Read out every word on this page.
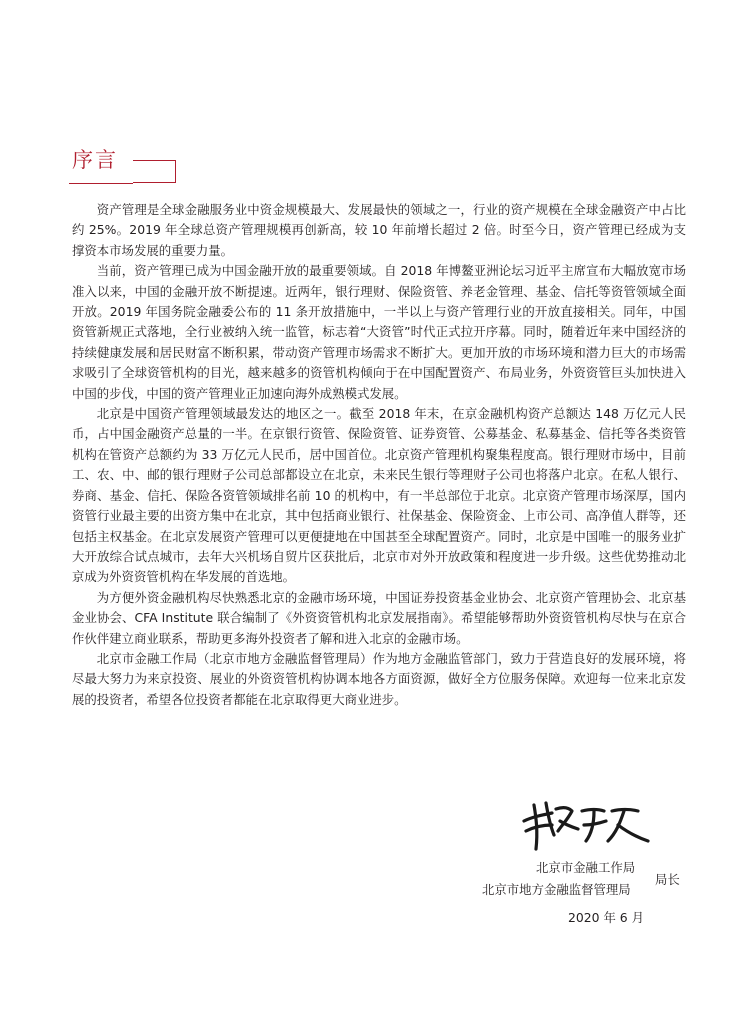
序言

资产管理是全球金融服务业中资金规模最大、发展最快的领域之一，行业的资产规模在全球金融资产中占比约 25%。2019 年全球总资产管理规模再创新高，较 10 年前增长超过 2 倍。时至今日，资产管理已经成为支撑资本市场发展的重要力量。

当前，资产管理已成为中国金融开放的最重要领域。自 2018 年博鳌亚洲论坛习近平主席宣布大幅放宽市场准入以来，中国的金融开放不断提速。近两年，银行理财、保险资管、养老金管理、基金、信托等资管领域全面开放。2019 年国务院金融委公布的 11 条开放措施中，一半以上与资产管理行业的开放直接相关。同年，中国资管新规正式落地，全行业被纳入统一监管，标志着“大资管”时代正式拉开序幕。同时，随着近年来中国经济的持续健康发展和居民财富不断积累，带动资产管理市场需求不断扩大。更加开放的市场环境和潜力巨大的市场需求吸引了全球资管机构的目光，越来越多的资管机构倾向于在中国配置资产、布局业务，外资资管巨头加快进入中国的步伐，中国的资产管理业正加速向海外成熟模式发展。

北京是中国资产管理领域最发达的地区之一。截至 2018 年末，在京金融机构资产总额达 148 万亿元人民币，占中国金融资产总量的一半。在京银行资管、保险资管、证券资管、公募基金、私募基金、信托等各类资管机构在管资产总额约为 33 万亿元人民币，居中国首位。北京资产管理机构聚集程度高。银行理财市场中，目前工、农、中、邮的银行理财子公司总部都设立在北京，未来民生银行等理财子公司也将落户北京。在私人银行、券商、基金、信托、保险各资管领域排名前 10 的机构中，有一半总部位于北京。北京资产管理市场深厚，国内资管行业最主要的出资方集中在北京，其中包括商业银行、社保基金、保险资金、上市公司、高净值人群等，还包括主权基金。在北京发展资产管理可以更便捷地在中国甚至全球配置资产。同时，北京是中国唯一的服务业扩大开放综合试点城市，去年大兴机场自贸片区获批后，北京市对外开放政策和程度进一步升级。这些优势推动北京成为外资资管机构在华发展的首选地。

为方便外资金融机构尽快熟悉北京的金融市场环境，中国证券投资基金业协会、北京资产管理协会、北京基金业协会、CFA Institute 联合编制了《外资资管机构北京发展指南》。希望能够帮助外资资管机构尽快与在京合作伙伴建立商业联系，帮助更多海外投资者了解和进入北京的金融市场。

北京市金融工作局（北京市地方金融监督管理局）作为地方金融监管部门，致力于营造良好的发展环境，将尽最大努力为来京投资、展业的外资资管机构协调本地各方面资源，做好全方位服务保障。欢迎每一位来北京发展的投资者，希望各位投资者都能在北京取得更大商业进步。

北京市金融工作局
北京市地方金融监督管理局
局长
2020 年 6 月
